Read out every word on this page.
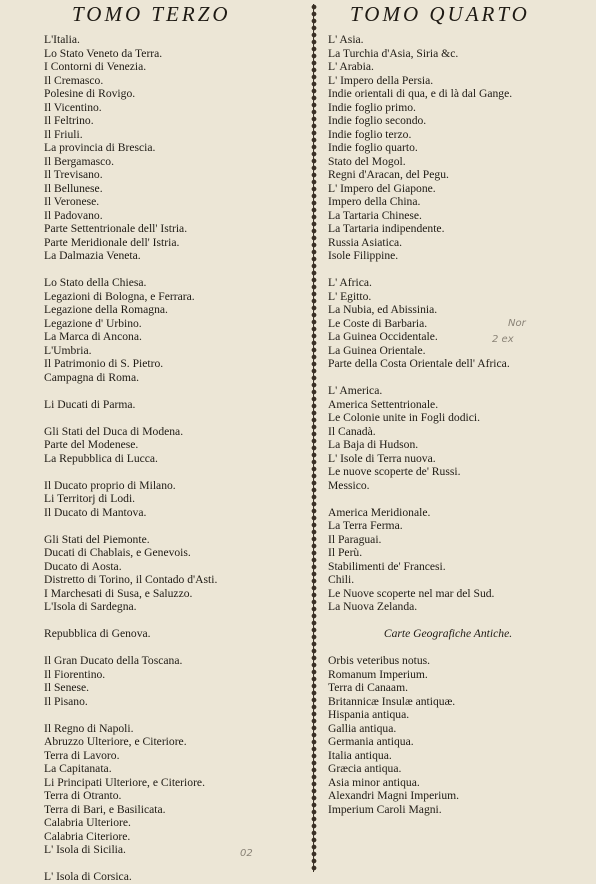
TOMO TERZO	TOMO QUARTO
L'Italia.
Lo Stato Veneto da Terra.
I Contorni di Venezia.
Il Cremasco.
Polesine di Rovigo.
Il Vicentino.
Il Feltrino.
Il Friuli.
La provincia di Brescia.
Il Bergamasco.
Il Trevisano.
Il Bellunese.
Il Veronese.
Il Padovano.
Parte Settentrionale dell' Istria.
Parte Meridionale dell' Istria.
La Dalmazia Veneta.
Lo Stato della Chiesa.
Legazioni di Bologna, e Ferrara.
Legazione della Romagna.
Legazione d' Urbino.
La Marca di Ancona.
L'Umbria.
Il Patrimonio di S. Pietro.
Campagna di Roma.
Li Ducati di Parma.
Gli Stati del Duca di Modena.
Parte del Modenese.
La Repubblica di Lucca.
Il Ducato proprio di Milano.
Li Territorj di Lodi.
Il Ducato di Mantova.
Gli Stati del Piemonte.
Ducati di Chablais, e Genevois.
Ducato di Aosta.
Distretto di Torino, il Contado d'Asti.
I Marchesati di Susa, e Saluzzo.
L'Isola di Sardegna.
Repubblica di Genova.
Il Gran Ducato della Toscana.
Il Fiorentino.
Il Senese.
Il Pisano.
Il Regno di Napoli.
Abruzzo Ulteriore, e Citeriore.
Terra di Lavoro.
La Capitanata.
Li Principati Ulteriore, e Citeriore.
Terra di Otranto.
Terra di Bari, e Basilicata.
Calabria Ulteriore.
Calabria Citeriore.
L' Isola di Sicilia.
L' Isola di Corsica.
L' Asia.
La Turchia d'Asia, Siria &c.
L' Arabia.
L' Impero della Persia.
Indie orientali di qua, e di là dal Gange.
Indie foglio primo.
Indie foglio secondo.
Indie foglio terzo.
Indie foglio quarto.
Stato del Mogol.
Regni d'Aracan, del Pegu.
L' Impero del Giapone.
Impero della China.
La Tartaria Chinese.
La Tartaria indipendente.
Russia Asiatica.
Isole Filippine.
L' Africa.
L' Egitto.
La Nubia, ed Abissinia.
Le Coste di Barbaria.
La Guinea Occidentale.
La Guinea Orientale.
Parte della Costa Orientale dell' Africa.
L' America.
America Settentrionale.
Le Colonie unite in Fogli dodici.
Il Canadà.
La Baja di Hudson.
L' Isole di Terra nuova.
Le nuove scoperte de' Russi.
Messico.
America Meridionale.
La Terra Ferma.
Il Paraguai.
Il Perù.
Stabilimenti de' Francesi.
Chili.
Le Nuove scoperte nel mar del Sud.
La Nuova Zelanda.
Carte Geografiche Antiche.
Orbis veteribus notus.
Romanum Imperium.
Terra di Canaam.
Britannicæ Insulæ antiquæ.
Hispania antiqua.
Gallia antiqua.
Germania antiqua.
Italia antiqua.
Græcia antiqua.
Asia minor antiqua.
Alexandri Magni Imperium.
Imperium Caroli Magni.
Nor
2 ex
02
